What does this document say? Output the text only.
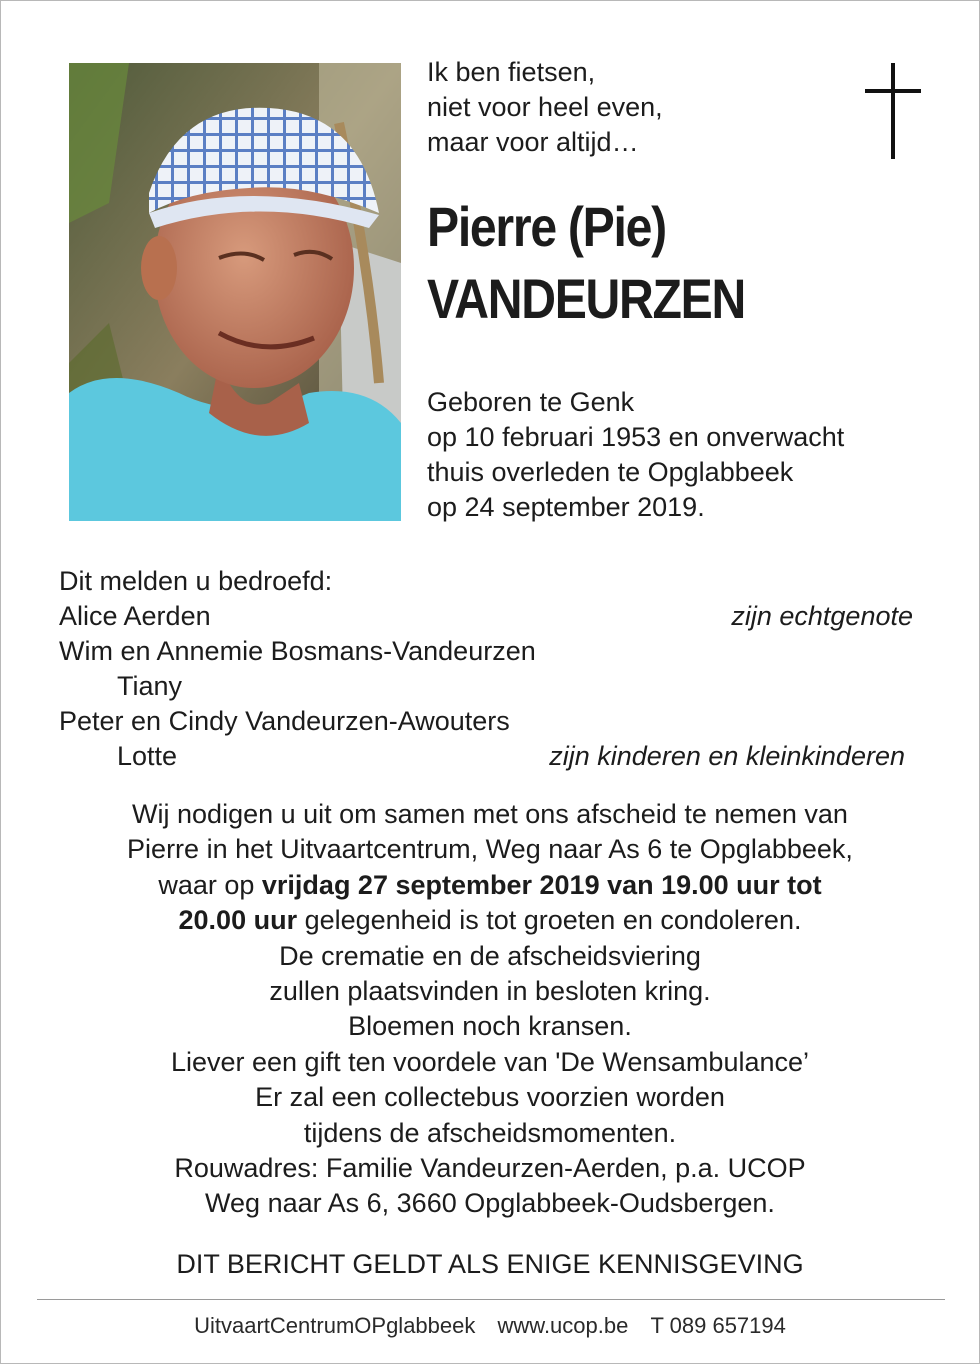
Ik ben fietsen,
niet voor heel even,
maar voor altijd…
Pierre (Pie)
VANDEURZEN
Geboren te Genk
op 10 februari 1953 en onverwacht
thuis overleden te Opglabbeek
op 24 september 2019.
Dit melden u bedroefd:
Alice Aerden	zijn echtgenote
Wim en Annemie Bosmans-Vandeurzen
Tiany
Peter en Cindy Vandeurzen-Awouters
Lotte	zijn kinderen en kleinkinderen
Wij nodigen u uit om samen met ons afscheid te nemen van
Pierre in het Uitvaartcentrum, Weg naar As 6 te Opglabbeek,
waar op vrijdag 27 september 2019 van 19.00 uur tot
20.00 uur gelegenheid is tot groeten en condoleren.
De crematie en de afscheidsviering
zullen plaatsvinden in besloten kring.
Bloemen noch kransen.
Liever een gift ten voordele van 'De Wensambulance’
Er zal een collectebus voorzien worden
tijdens de afscheidsmomenten.
Rouwadres: Familie Vandeurzen-Aerden, p.a. UCOP
Weg naar As 6, 3660 Opglabbeek-Oudsbergen.
DIT BERICHT GELDT ALS ENIGE KENNISGEVING
UitvaartCentrumOPglabbeek www.ucop.be T 089 657194
